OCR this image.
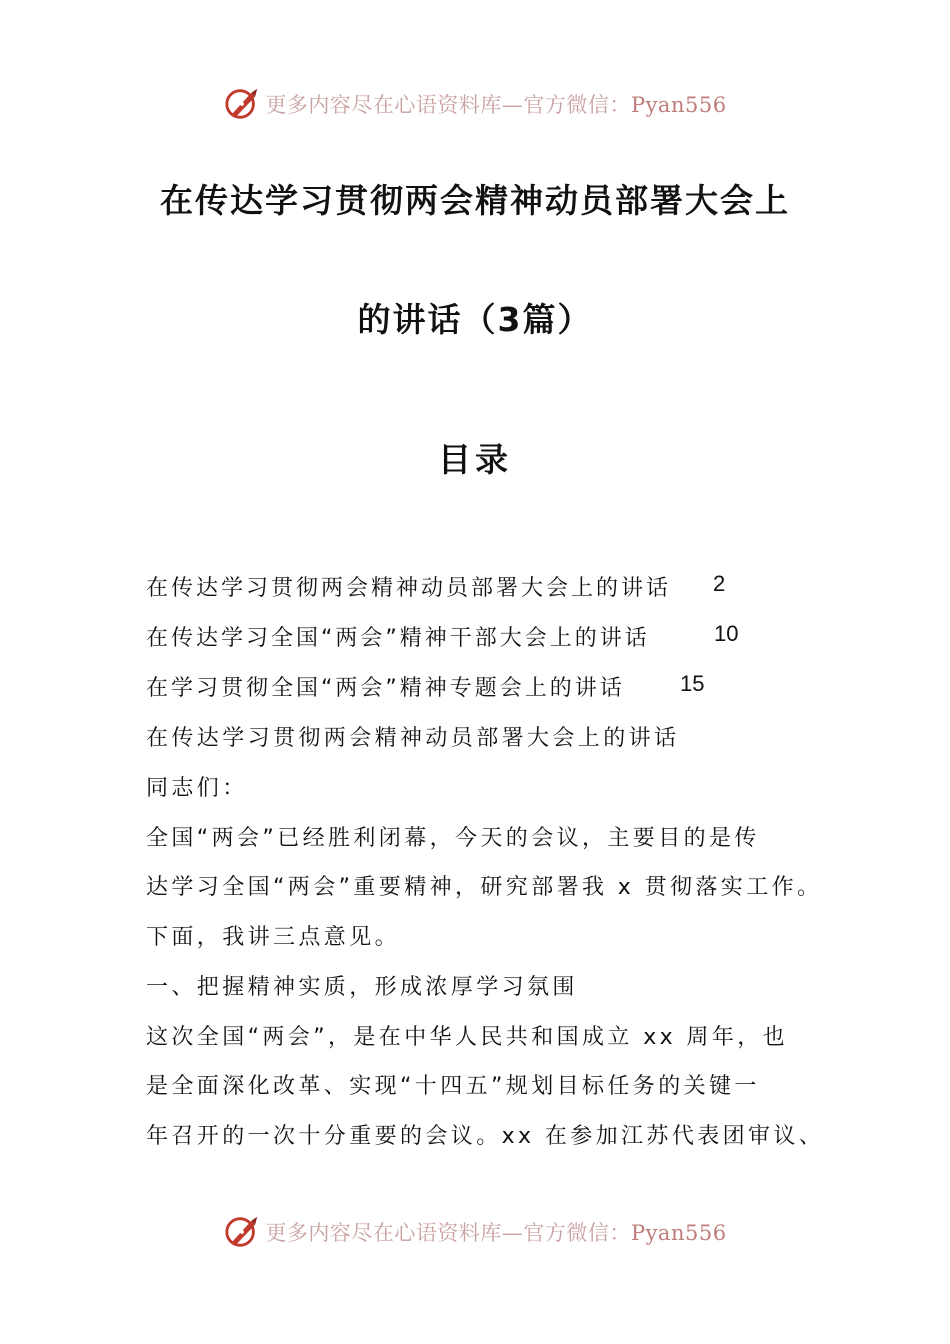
更多内容尽在心语资料库—官方微信：Pyan556
在传达学习贯彻两会精神动员部署大会上
的讲话（3篇）
目录
在传达学习贯彻两会精神动员部署大会上的讲话 2
在传达学习全国“两会”精神干部大会上的讲话	10
在学习贯彻全国“两会”精神专题会上的讲话	15
在传达学习贯彻两会精神动员部署大会上的讲话
同志们：
全国“两会”已经胜利闭幕，今天的会议，主要目的是传
达学习全国“两会”重要精神，研究部署我 x 贯彻落实工作。
下面，我讲三点意见。
一、把握精神实质，形成浓厚学习氛围
这次全国“两会”，是在中华人民共和国成立 xx 周年，也
是全面深化改革、实现“十四五”规划目标任务的关键一
年召开的一次十分重要的会议。xx 在参加江苏代表团审议、
更多内容尽在心语资料库—官方微信：Pyan556
